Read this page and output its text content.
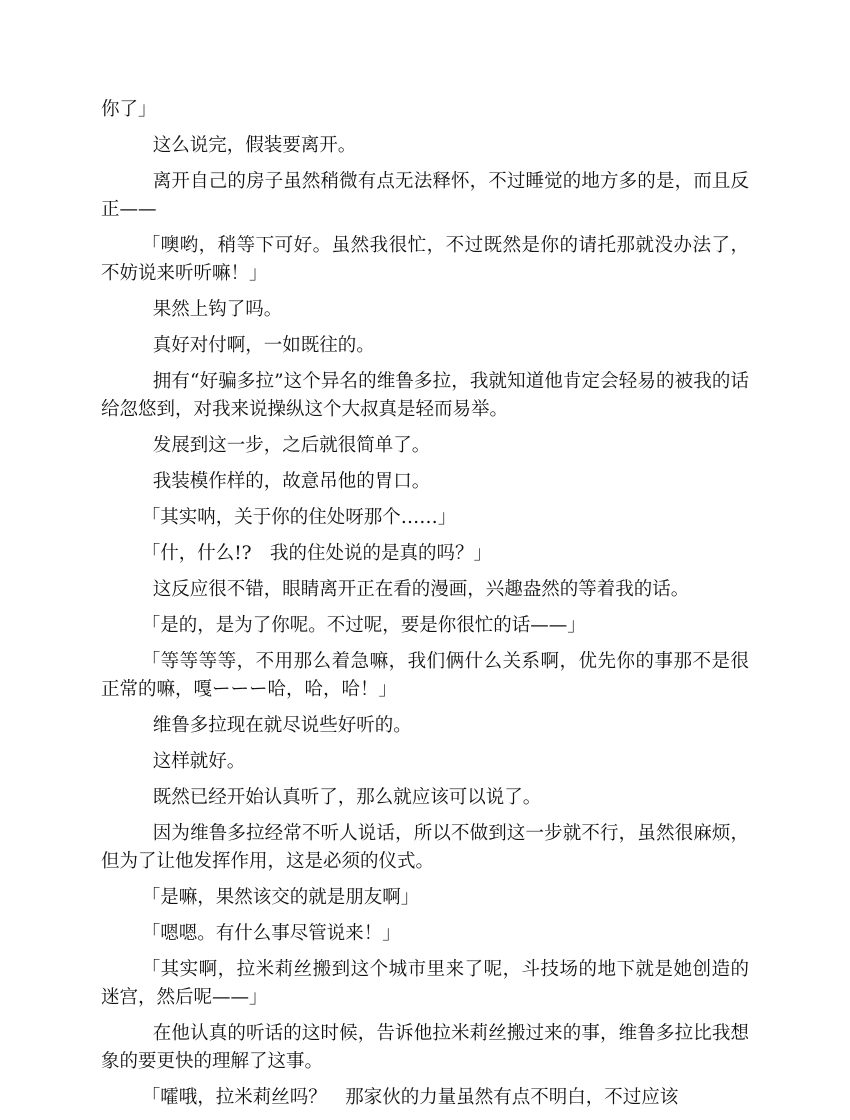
你了」

这么说完，假装要离开。

离开自己的房子虽然稍微有点无法释怀，不过睡觉的地方多的是，而且反正——

「噢哟，稍等下可好。虽然我很忙，不过既然是你的请托那就没办法了，不妨说来听听嘛！」

果然上钩了吗。

真好对付啊，一如既往的。

拥有“好骗多拉”这个异名的维鲁多拉，我就知道他肯定会轻易的被我的话给忽悠到，对我来说操纵这个大叔真是轻而易举。

发展到这一步，之后就很简单了。

我装模作样的，故意吊他的胃口。

「其实呐，关于你的住处呀那个……」

「什，什么!?　我的住处说的是真的吗？」

这反应很不错，眼睛离开正在看的漫画，兴趣盎然的等着我的话。

「是的，是为了你呢。不过呢，要是你很忙的话——」

「等等等等，不用那么着急嘛，我们俩什么关系啊，优先你的事那不是很正常的嘛，嘎ーーー哈，哈，哈！」

维鲁多拉现在就尽说些好听的。

这样就好。

既然已经开始认真听了，那么就应该可以说了。

因为维鲁多拉经常不听人说话，所以不做到这一步就不行，虽然很麻烦，但为了让他发挥作用，这是必须的仪式。

「是嘛，果然该交的就是朋友啊」

「嗯嗯。有什么事尽管说来！」

「其实啊，拉米莉丝搬到这个城市里来了呢，斗技场的地下就是她创造的迷宫，然后呢——」

在他认真的听话的这时候，告诉他拉米莉丝搬过来的事，维鲁多拉比我想象的要更快的理解了这事。

「嚯哦，拉米莉丝吗？　那家伙的力量虽然有点不明白，不过应该
